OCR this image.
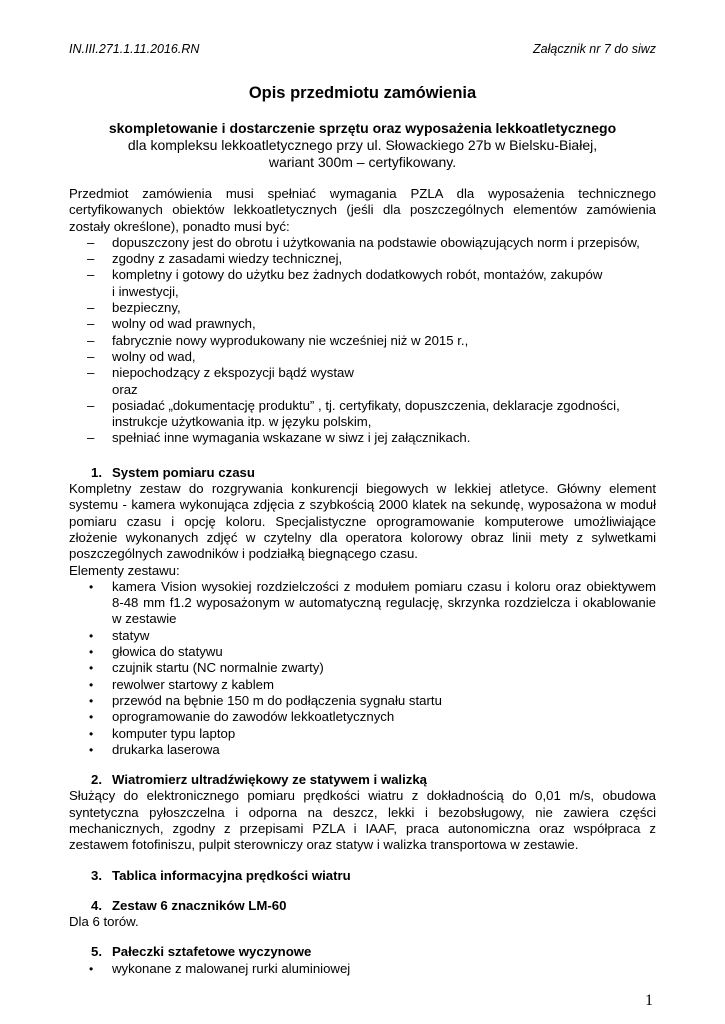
IN.III.271.1.11.2016.RN	Załącznik nr 7 do siwz
Opis przedmiotu zamówienia
skompletowanie i dostarczenie sprzętu oraz wyposażenia lekkoatletycznego
dla kompleksu lekkoatletycznego przy ul. Słowackiego 27b w Bielsku-Białej,
wariant 300m – certyfikowany.
Przedmiot zamówienia musi spełniać wymagania PZLA dla wyposażenia technicznego certyfikowanych obiektów lekkoatletycznych (jeśli dla poszczególnych elementów zamówienia zostały określone), ponadto musi być:
– dopuszczony jest do obrotu i użytkowania na podstawie obowiązujących norm i przepisów,
– zgodny z zasadami wiedzy technicznej,
– kompletny i gotowy do użytku bez żadnych dodatkowych robót, montażów, zakupów
i inwestycji,
– bezpieczny,
– wolny od wad prawnych,
– fabrycznie nowy wyprodukowany nie wcześniej niż w 2015 r.,
– wolny od wad,
– niepochodzący z ekspozycji bądź wystaw
oraz
– posiadać „dokumentację produktu” , tj. certyfikaty, dopuszczenia, deklaracje zgodności,
instrukcje użytkowania itp. w języku polskim,
– spełniać inne wymagania wskazane w siwz i jej załącznikach.
1. System pomiaru czasu
Kompletny zestaw do rozgrywania konkurencji biegowych w lekkiej atletyce. Główny element systemu - kamera wykonująca zdjęcia z szybkością 2000 klatek na sekundę, wyposażona w moduł pomiaru czasu i opcję koloru. Specjalistyczne oprogramowanie komputerowe umożliwiające złożenie wykonanych zdjęć w czytelny dla operatora kolorowy obraz linii mety z sylwetkami poszczególnych zawodników i podziałką biegnącego czasu.
Elementy zestawu:
• kamera Vision wysokiej rozdzielczości z modułem pomiaru czasu i koloru oraz obiektywem 8-48 mm f1.2 wyposażonym w automatyczną regulację, skrzynka rozdzielcza i okablowanie w zestawie
• statyw
• głowica do statywu
• czujnik startu (NC normalnie zwarty)
• rewolwer startowy z kablem
• przewód na bębnie 150 m do podłączenia sygnału startu
• oprogramowanie do zawodów lekkoatletycznych
• komputer typu laptop
• drukarka laserowa
2. Wiatromierz ultradźwiękowy ze statywem i walizką
Służący do elektronicznego pomiaru prędkości wiatru z dokładnością do 0,01 m/s, obudowa syntetyczna pyłoszczelna i odporna na deszcz, lekki i bezobsługowy, nie zawiera części mechanicznych, zgodny z przepisami PZLA i IAAF, praca autonomiczna oraz współpraca z zestawem fotofiniszu, pulpit sterowniczy oraz statyw i walizka transportowa w zestawie.
3. Tablica informacyjna prędkości wiatru
4. Zestaw 6 znaczników LM-60
Dla 6 torów.
5. Pałeczki sztafetowe wyczynowe
• wykonane z malowanej rurki aluminiowej
1
